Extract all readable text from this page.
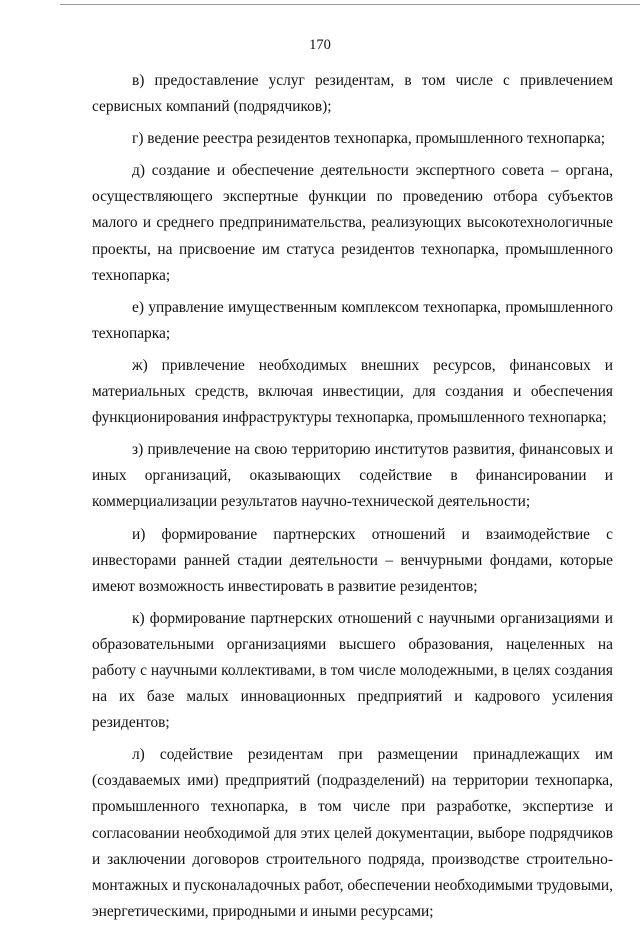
170

в) предоставление услуг резидентам, в том числе с привлечением сервисных компаний (подрядчиков);

г) ведение реестра резидентов технопарка, промышленного технопарка;

д) создание и обеспечение деятельности экспертного совета – органа, осуществляющего экспертные функции по проведению отбора субъектов малого и среднего предпринимательства, реализующих высокотехнологичные проекты, на присвоение им статуса резидентов технопарка, промышленного технопарка;

е) управление имущественным комплексом технопарка, промышленного технопарка;

ж) привлечение необходимых внешних ресурсов, финансовых и материальных средств, включая инвестиции, для создания и обеспечения функционирования инфраструктуры технопарка, промышленного технопарка;

з) привлечение на свою территорию институтов развития, финансовых и иных организаций, оказывающих содействие в финансировании и коммерциализации результатов научно-технической деятельности;

и) формирование партнерских отношений и взаимодействие с инвесторами ранней стадии деятельности – венчурными фондами, которые имеют возможность инвестировать в развитие резидентов;

к) формирование партнерских отношений с научными организациями и образовательными организациями высшего образования, нацеленных на работу с научными коллективами, в том числе молодежными, в целях создания на их базе малых инновационных предприятий и кадрового усиления резидентов;

л) содействие резидентам при размещении принадлежащих им (создаваемых ими) предприятий (подразделений) на территории технопарка, промышленного технопарка, в том числе при разработке, экспертизе и согласовании необходимой для этих целей документации, выборе подрядчиков и заключении договоров строительного подряда, производстве строительно-монтажных и пусконаладочных работ, обеспечении необходимыми трудовыми, энергетическими, природными и иными ресурсами;
